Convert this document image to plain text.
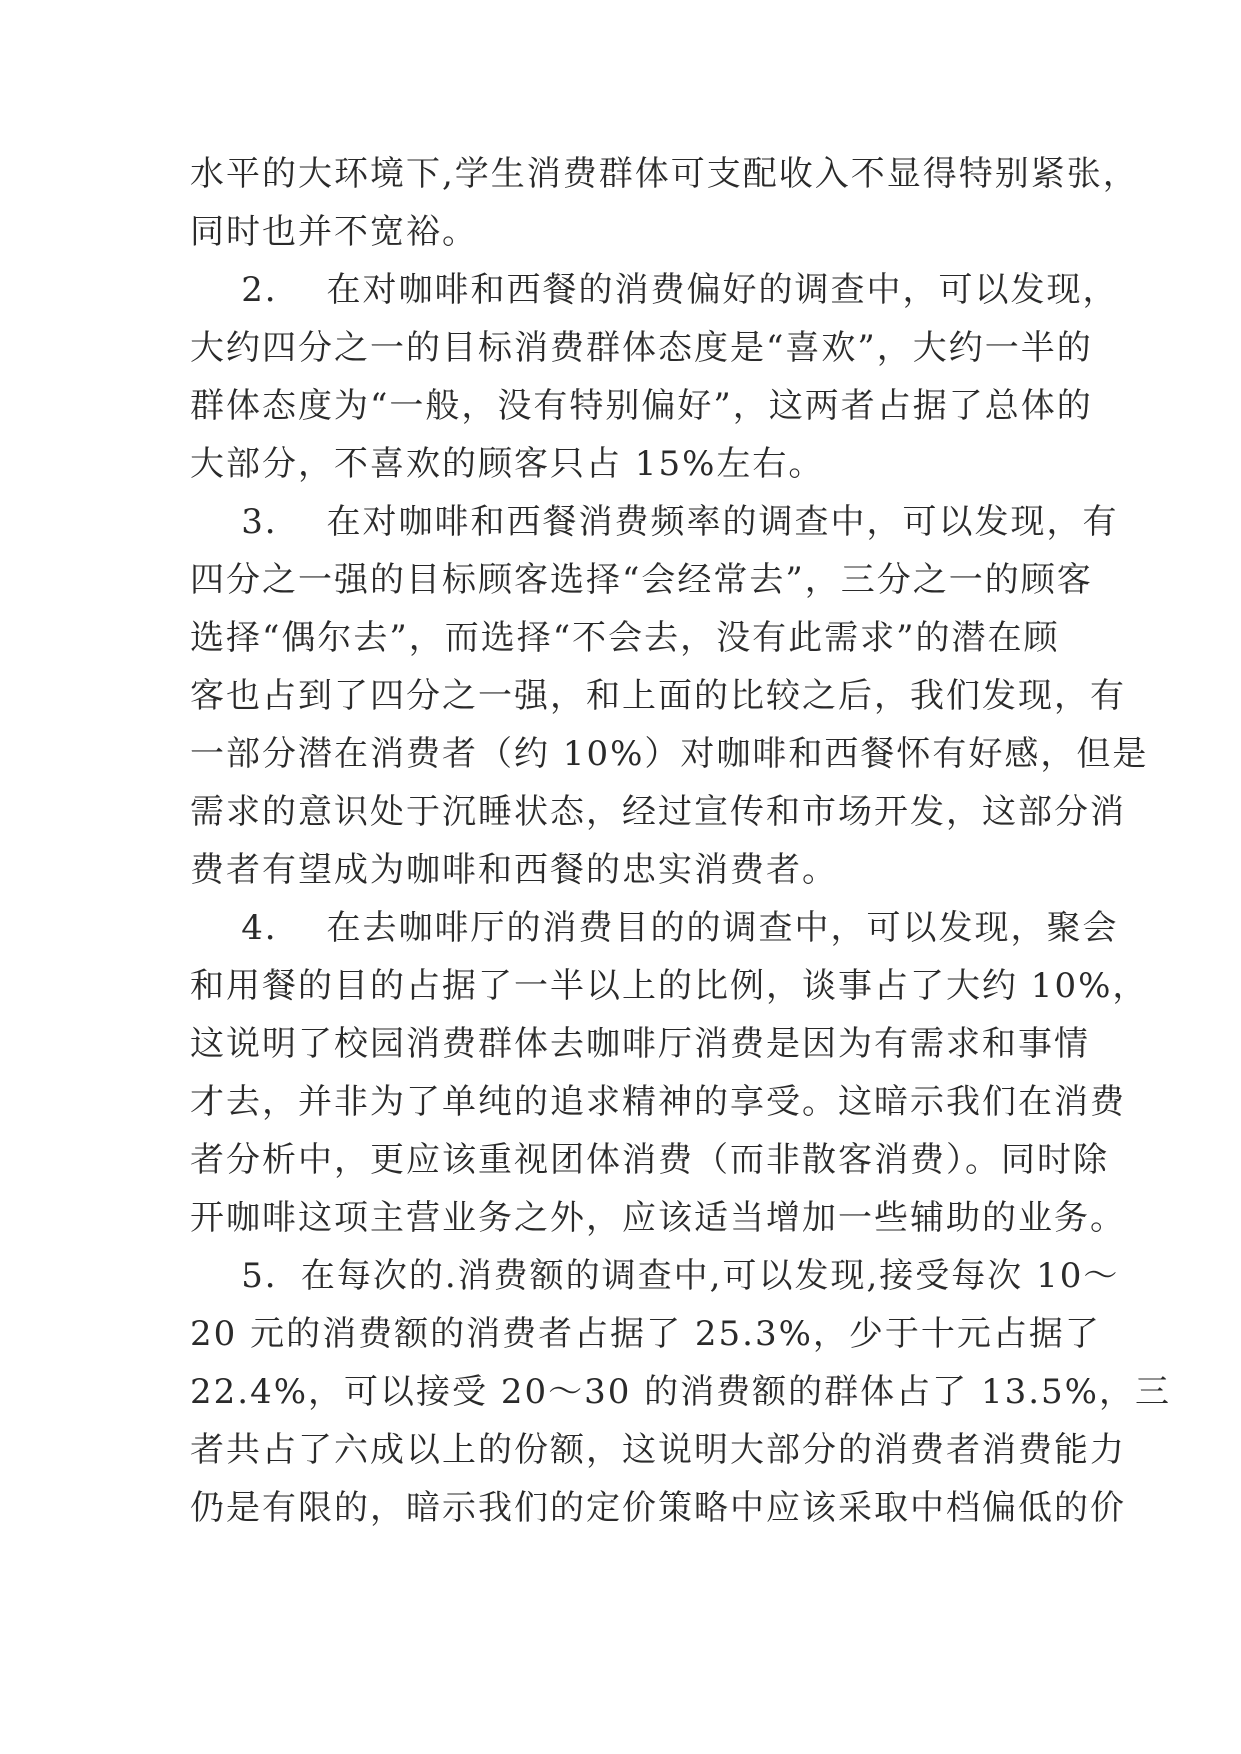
水平的大环境下,学生消费群体可支配收入不显得特别紧张，
同时也并不宽裕。
2．  在对咖啡和西餐的消费偏好的调查中，可以发现，
大约四分之一的目标消费群体态度是“喜欢”，大约一半的
群体态度为“一般，没有特别偏好”，这两者占据了总体的
大部分，不喜欢的顾客只占 15%左右。
3．  在对咖啡和西餐消费频率的调查中，可以发现，有
四分之一强的目标顾客选择“会经常去”，三分之一的顾客
选择“偶尔去”，而选择“不会去，没有此需求”的潜在顾
客也占到了四分之一强，和上面的比较之后，我们发现，有
一部分潜在消费者（约 10%）对咖啡和西餐怀有好感，但是
需求的意识处于沉睡状态，经过宣传和市场开发，这部分消
费者有望成为咖啡和西餐的忠实消费者。
4．  在去咖啡厅的消费目的的调查中，可以发现，聚会
和用餐的目的占据了一半以上的比例，谈事占了大约 10%，
这说明了校园消费群体去咖啡厅消费是因为有需求和事情
才去，并非为了单纯的追求精神的享受。这暗示我们在消费
者分析中，更应该重视团体消费（而非散客消费）。同时除
开咖啡这项主营业务之外，应该适当增加一些辅助的业务。
5．在每次的.消费额的调查中,可以发现,接受每次 10～
20 元的消费额的消费者占据了 25.3%，少于十元占据了
22.4%，可以接受 20～30 的消费额的群体占了 13.5%，三
者共占了六成以上的份额，这说明大部分的消费者消费能力
仍是有限的，暗示我们的定价策略中应该采取中档偏低的价
